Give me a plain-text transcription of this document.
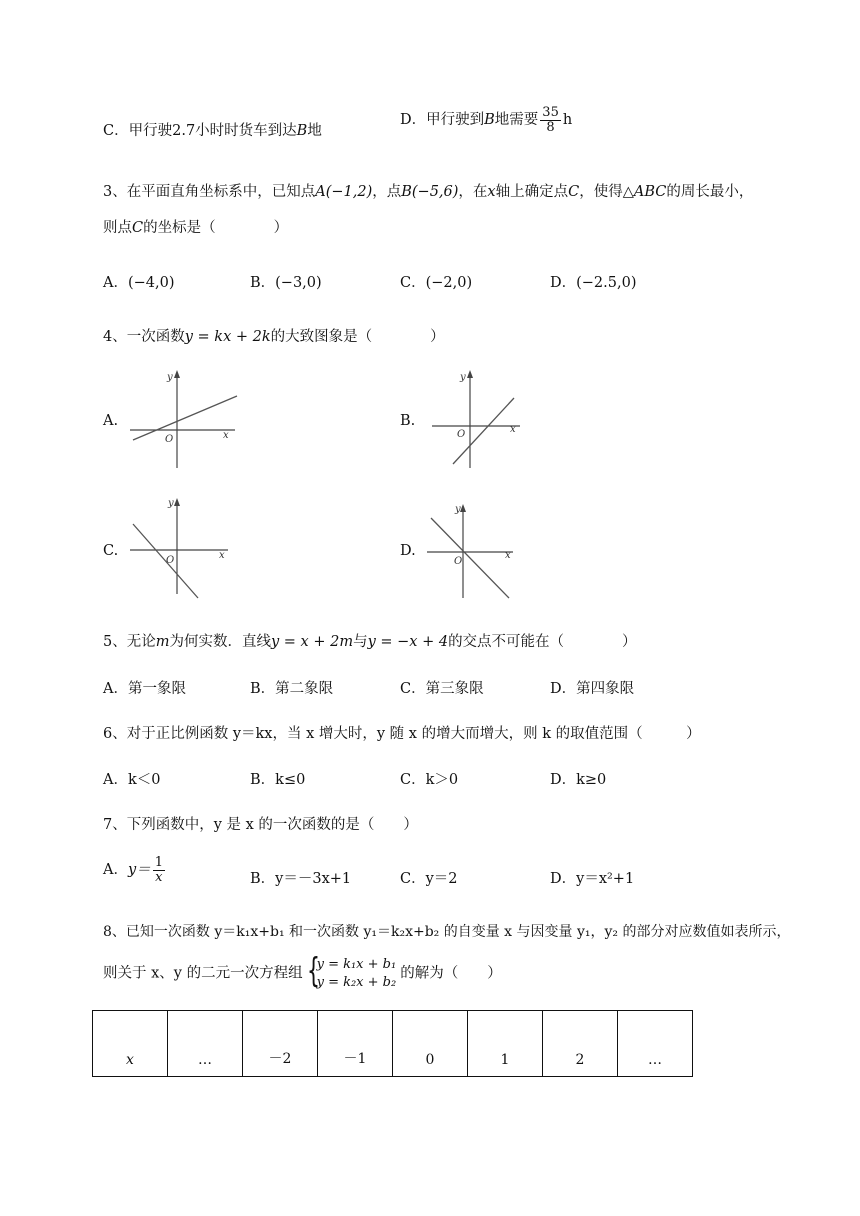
C．甲行驶2.7小时时货车到达B地
D．甲行驶到B地需要 $\frac{35}{8}$ h
3、在平面直角坐标系中，已知点A(−1,2)，点B(−5,6)，在x轴上确定点C，使得△ABC的周长最小，
则点C的坐标是（　　　　）
A．(−4,0)	B．(−3,0)	C．(−2,0)	D．(−2.5,0)
4、一次函数y = kx + 2k的大致图象是（　　　　）
A.
y
x
O
B.
y
x
O
C.
y
x
O
D.
y
x
O
5、无论m为何实数．直线y = x + 2m与y = −x + 4的交点不可能在（　　　　）
A．第一象限	B．第二象限	C．第三象限	D．第四象限
6、对于正比例函数 y＝kx，当 x 增大时，y 随 x 的增大而增大，则 k 的取值范围（　　　）
A．k＜0	B．k≤0	C．k＞0	D．k≥0
7、下列函数中，y 是 x 的一次函数的是（　　）
A．$y= \frac{1}{x}$	B．y＝－3x+1	C．y＝2	D．y＝x²+1
8、已知一次函数 y＝k₁x+b₁ 和一次函数 y₁＝k₂x+b₂ 的自变量 x 与因变量 y₁，y₂ 的部分对应数值如表所示，
则关于 x、y 的二元一次方程组 {
y = k₁x + b₁
y = k₂x + b₂
的解为（　　）
x	…	－2	－1	0	1	2	…
